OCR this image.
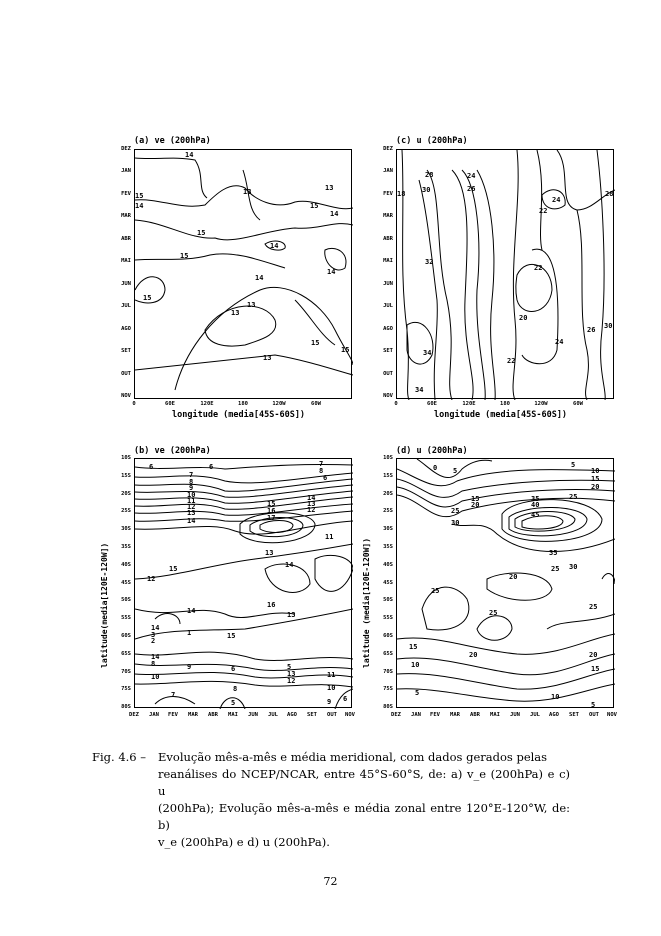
(a) ve (200hPa)
14
13
15
14
13
15
14
15
15
14
14
15
14
13
13
15
15
13
DEZ
JAN
FEV
MAR
ABR
MAI
JUN
JUL
AGO
SET
OUT
NOV
0	60E	120E	180	120W	60W
longitude (media[45S-60S])
(c) u (200hPa)
28	24
18 30	26
24
28
22
32
22
20
24
34
22
34
26 30
DEZ
JAN
FEV
MAR
ABR
MAI
JUN
JUL
AGO
SET
OUT
NOV
0	60E	120E	180	120W	60W
longitude (media[45S-60S])
(b) ve (200hPa)
6	6
7
8
9
10
11
12
13
14
15
16
17
14
13
12
11
13
14
12
15
14
16
13
14
3
2
1	15
14
8	9
10
6
8
7
5	6
5
13
12
11
10
9
8
7
6
10S
15S
20S
25S
30S
35S
40S
45S
50S
55S
60S
65S
70S
75S
80S
DEZ JAN FEV MAR ABR MAI JUN JUL AGO SET OUT NOV
latitude(media[120E-120W])
(d) u (200hPa)
0 5
5
10
15
20
25
20
15
25
30
35
40
45
35
30
25
20
25
25
15
10
20
25
20
15
10
5
5
10S
15S
20S
25S
30S
35S
40S
45S
50S
55S
60S
65S
70S
75S
80S
DEZ JAN FEV MAR ABR MAI JUN JUL AGO SET OUT NOV
latitude (media[120E-120W])
Fig. 4.6 – Evolução mês-a-mês e média meridional, com dados gerados pelas
reanálises do NCEP/NCAR, entre 45°S-60°S, de: a) v_e (200hPa) e c) u
(200hPa); Evolução mês-a-mês e média zonal entre 120°E-120°W, de: b)
v_e (200hPa) e d) u (200hPa).
72
